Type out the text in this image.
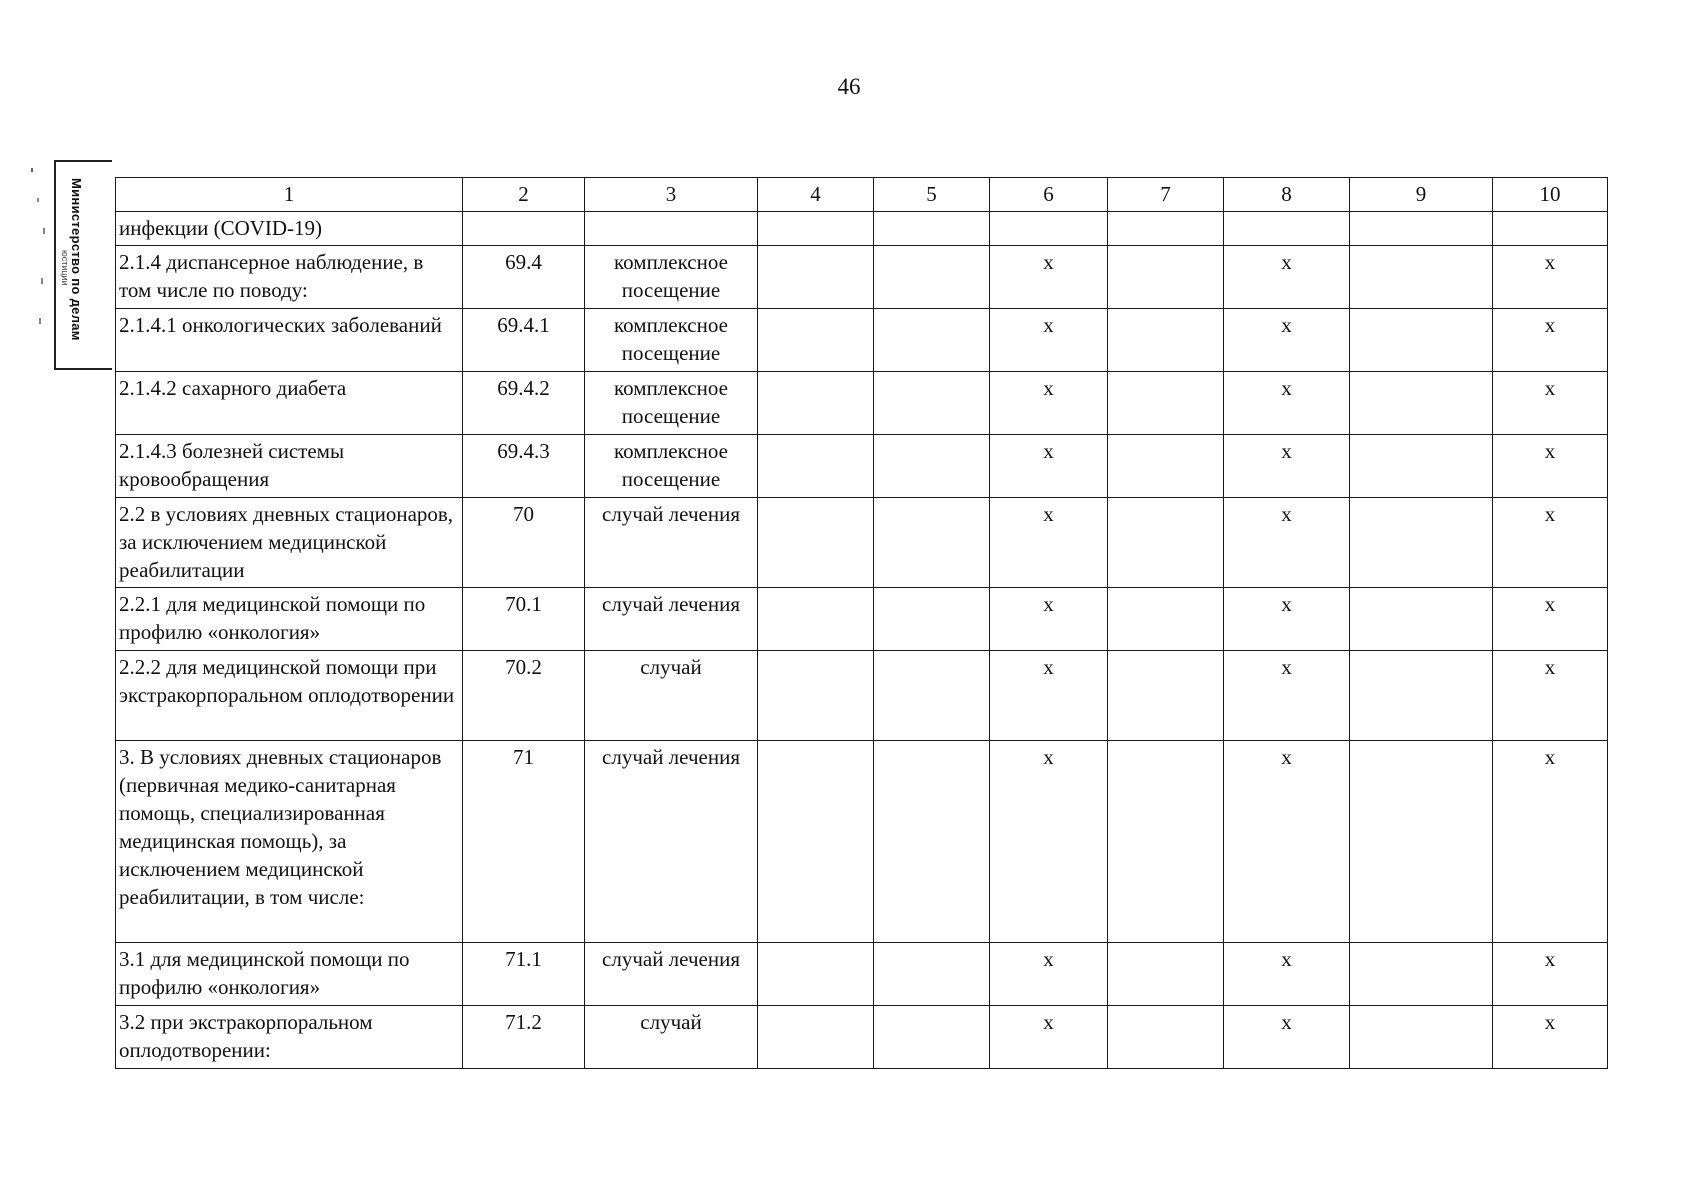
46
Министерство по делам
юстиции
1	2	3	4	5	6	7	8	9	10
инфекции (COVID-19)									
2.1.4 диспансерное наблюдение, в том числе по поводу:	69.4	комплексное посещение			х		х		х
2.1.4.1 онкологических заболеваний	69.4.1	комплексное посещение			х		х		х
2.1.4.2 сахарного диабета	69.4.2	комплексное посещение			х		х		х
2.1.4.3 болезней системы кровообращения	69.4.3	комплексное посещение			х		х		х
2.2 в условиях дневных стационаров, за исключением медицинской реабилитации	70	случай лечения			х		х		х
2.2.1 для медицинской помощи по профилю «онкология»	70.1	случай лечения			х		х		х
2.2.2 для медицинской помощи при экстракорпоральном оплодотворении	70.2	случай			х		х		х
3. В условиях дневных стационаров (первичная медико-санитарная помощь, специализированная медицинская помощь), за исключением медицинской реабилитации, в том числе:	71	случай лечения			х		х		х
3.1 для медицинской помощи по профилю «онкология»	71.1	случай лечения			х		х		х
3.2 при экстракорпоральном оплодотворении:	71.2	случай			х		х		х
